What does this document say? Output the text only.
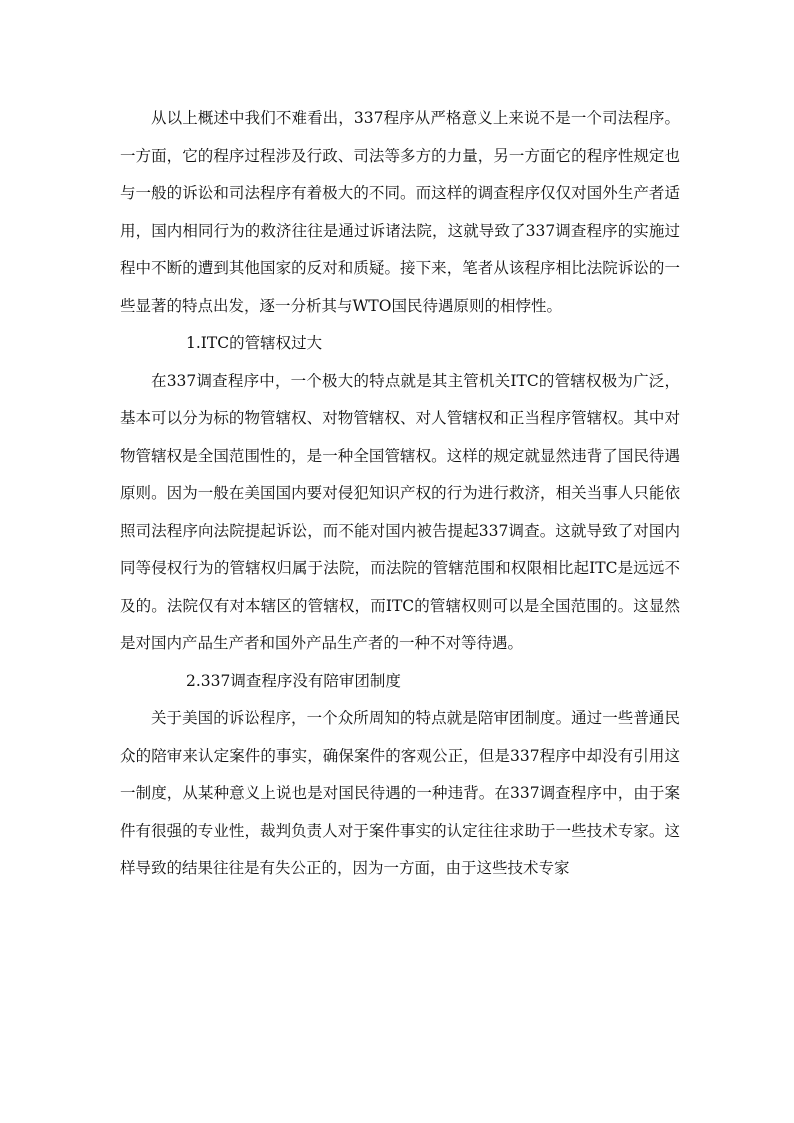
从以上概述中我们不难看出，337程序从严格意义上来说不是一个司法程序。一方面，它的程序过程涉及行政、司法等多方的力量，另一方面它的程序性规定也与一般的诉讼和司法程序有着极大的不同。而这样的调查程序仅仅对国外生产者适用，国内相同行为的救济往往是通过诉诸法院，这就导致了337调查程序的实施过程中不断的遭到其他国家的反对和质疑。接下来，笔者从该程序相比法院诉讼的一些显著的特点出发，逐一分析其与WTO国民待遇原则的相悖性。

1.ITC的管辖权过大

在337调查程序中，一个极大的特点就是其主管机关ITC的管辖权极为广泛，基本可以分为标的物管辖权、对物管辖权、对人管辖权和正当程序管辖权。其中对物管辖权是全国范围性的，是一种全国管辖权。这样的规定就显然违背了国民待遇原则。因为一般在美国国内要对侵犯知识产权的行为进行救济，相关当事人只能依照司法程序向法院提起诉讼，而不能对国内被告提起337调查。这就导致了对国内同等侵权行为的管辖权归属于法院，而法院的管辖范围和权限相比起ITC是远远不及的。法院仅有对本辖区的管辖权，而ITC的管辖权则可以是全国范围的。这显然是对国内产品生产者和国外产品生产者的一种不对等待遇。

2.337调查程序没有陪审团制度

关于美国的诉讼程序，一个众所周知的特点就是陪审团制度。通过一些普通民众的陪审来认定案件的事实，确保案件的客观公正，但是337程序中却没有引用这一制度，从某种意义上说也是对国民待遇的一种违背。在337调查程序中，由于案件有很强的专业性，裁判负责人对于案件事实的认定往往求助于一些技术专家。这样导致的结果往往是有失公正的，因为一方面，由于这些技术专家
